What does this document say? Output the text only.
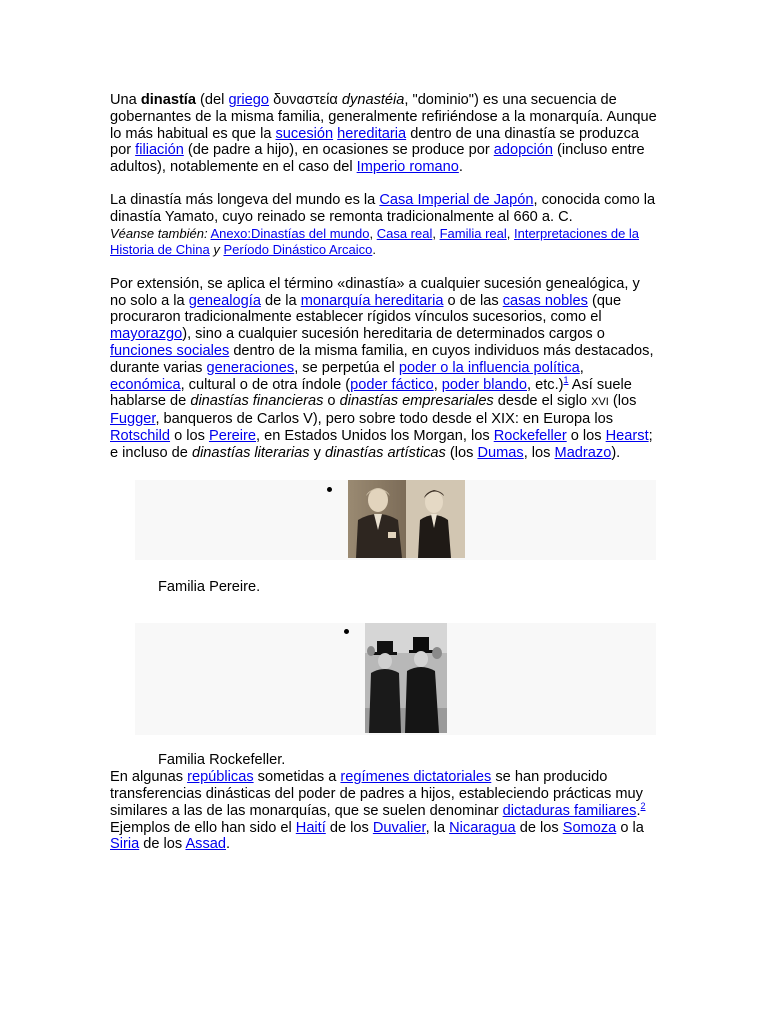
Una dinastía (del griego δυναστεία dynastéia, "dominio") es una secuencia de gobernantes de la misma familia, generalmente refiriéndose a la monarquía. Aunque lo más habitual es que la sucesión hereditaria dentro de una dinastía se produzca por filiación (de padre a hijo), en ocasiones se produce por adopción (incluso entre adultos), notablemente en el caso del Imperio romano.

La dinastía más longeva del mundo es la Casa Imperial de Japón, conocida como la dinastía Yamato, cuyo reinado se remonta tradicionalmente al 660 a. C.

Véanse también: Anexo:Dinastías del mundo, Casa real, Familia real, Interpretaciones de la Historia de China y Período Dinástico Arcaico.

Por extensión, se aplica el término «dinastía» a cualquier sucesión genealógica, y no solo a la genealogía de la monarquía hereditaria o de las casas nobles (que procuraron tradicionalmente establecer rígidos vínculos sucesorios, como el mayorazgo), sino a cualquier sucesión hereditaria de determinados cargos o funciones sociales dentro de la misma familia, en cuyos individuos más destacados, durante varias generaciones, se perpetúa el poder o la influencia política, económica, cultural o de otra índole (poder fáctico, poder blando, etc.)$^1$ Así suele hablarse de dinastías financieras o dinastías empresariales desde el siglo XVI (los Fugger, banqueros de Carlos V), pero sobre todo desde el XIX: en Europa los Rotschild o los Pereire, en Estados Unidos los Morgan, los Rockefeller o los Hearst; e incluso de dinastías literarias y dinastías artísticas (los Dumas, los Madrazo).

Familia Pereire.

Familia Rockefeller.

En algunas repúblicas sometidas a regímenes dictatoriales se han producido transferencias dinásticas del poder de padres a hijos, estableciendo prácticas muy similares a las de las monarquías, que se suelen denominar dictaduras familiares.$^2$ Ejemplos de ello han sido el Haití de los Duvalier, la Nicaragua de los Somoza o la Siria de los Assad.
